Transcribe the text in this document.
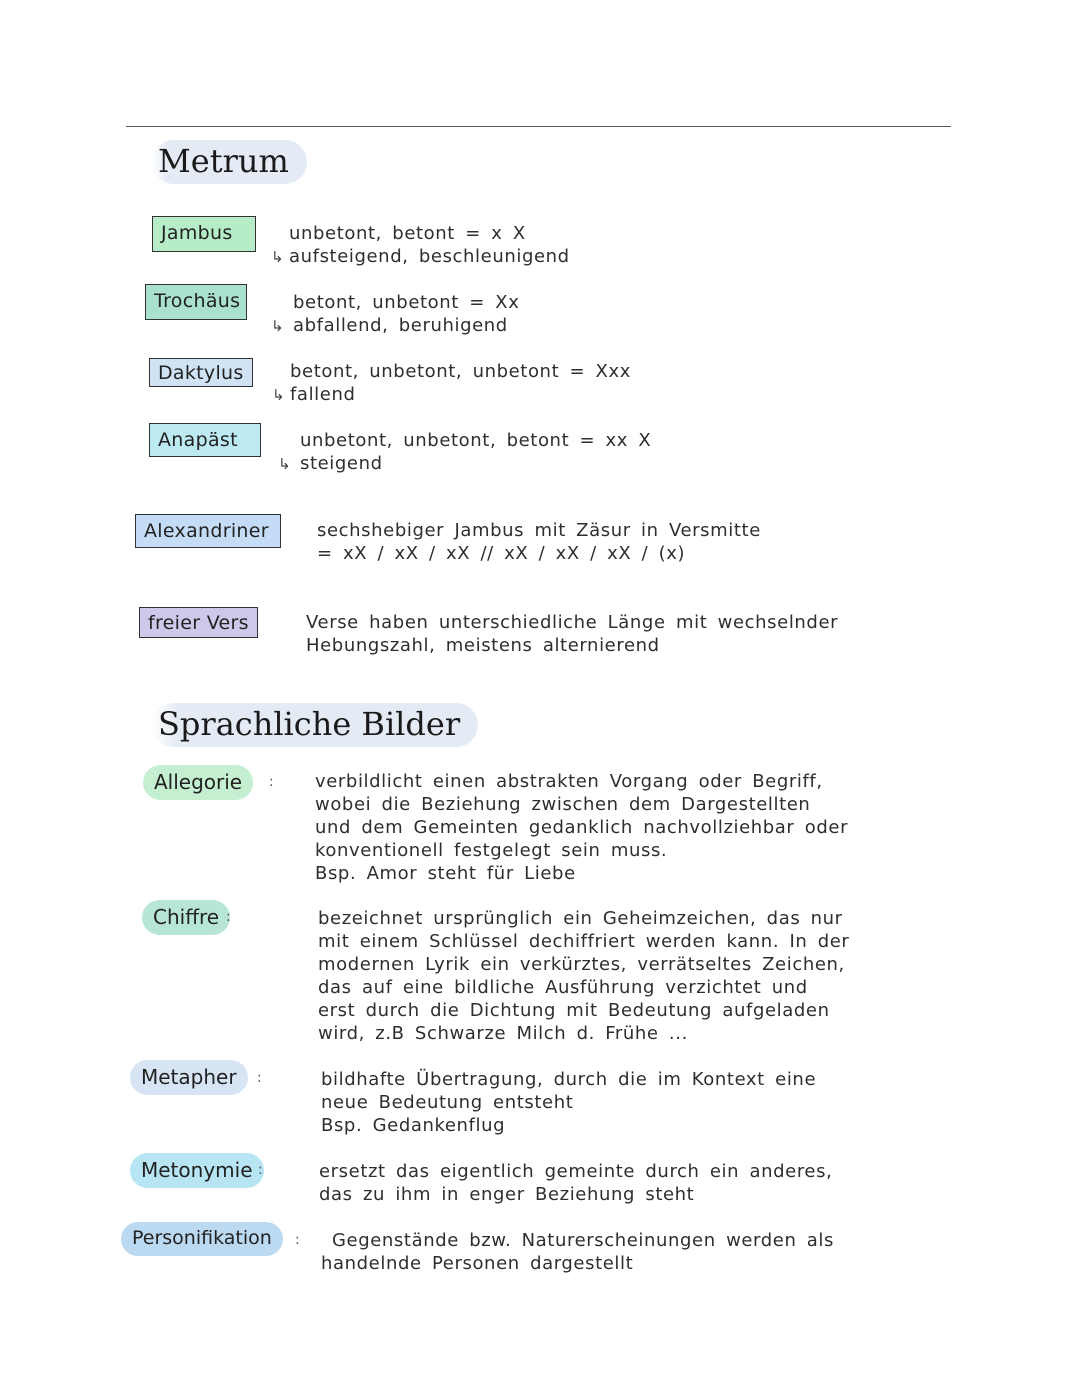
Metrum
Jambus	unbetont, betont = x X
↳ aufsteigend, beschleunigend
Trochäus	betont, unbetont = Xx
↳ abfallend, beruhigend
Daktylus	betont, unbetont, unbetont = Xxx
↳ fallend
Anapäst	unbetont, unbetont, betont = xx X
↳ steigend
Alexandriner	sechshebiger Jambus mit Zäsur in Versmitte
= xX / xX / xX // xX / xX / xX / (x)
freier Vers	Verse haben unterschiedliche Länge mit wechselnder
Hebungszahl, meistens alternierend
Sprachliche Bilder
Allegorie	: verbildlicht einen abstrakten Vorgang oder Begriff,
wobei die Beziehung zwischen dem Dargestellten
und dem Gemeinten gedanklich nachvollziehbar oder
konventionell festgelegt sein muss.
Bsp. Amor steht für Liebe
Chiffre :	bezeichnet ursprünglich ein Geheimzeichen, das nur
mit einem Schlüssel dechiffriert werden kann. In der
modernen Lyrik ein verkürztes, verrätseltes Zeichen,
das auf eine bildliche Ausführung verzichtet und
erst durch die Dichtung mit Bedeutung aufgeladen
wird, z.B Schwarze Milch d. Frühe ...
Metapher	:	bildhafte Übertragung, durch die im Kontext eine
neue Bedeutung entsteht
Bsp. Gedankenflug
Metonymie :	ersetzt das eigentlich gemeinte durch ein anderes,
das zu ihm in enger Beziehung steht
Personifikation	:	Gegenstände bzw. Naturerscheinungen werden als
handelnde Personen dargestellt
